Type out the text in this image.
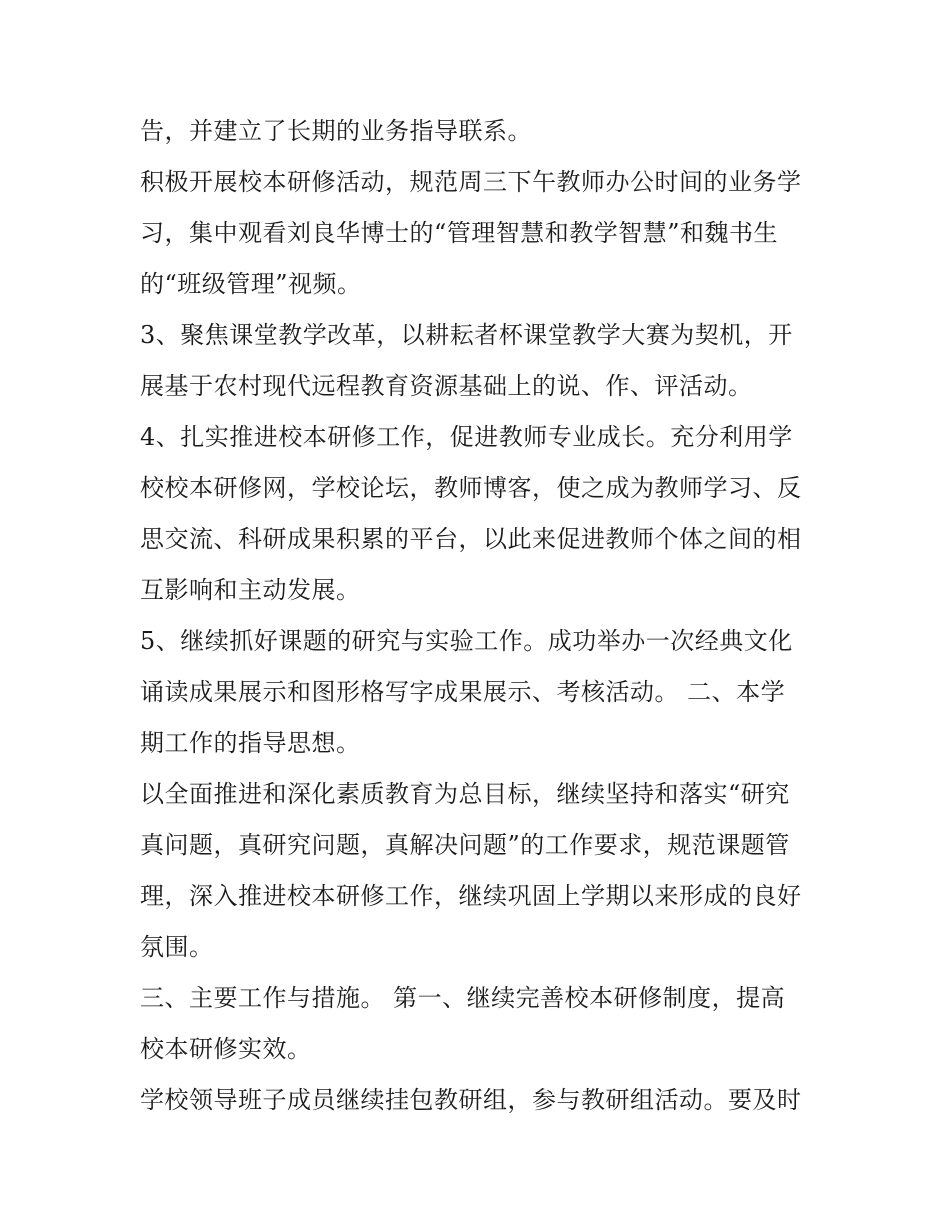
告，并建立了长期的业务指导联系。
积极开展校本研修活动，规范周三下午教师办公时间的业务学
习，集中观看刘良华博士的“管理智慧和教学智慧”和魏书生
的“班级管理”视频。
3、聚焦课堂教学改革，以耕耘者杯课堂教学大赛为契机，开
展基于农村现代远程教育资源基础上的说、作、评活动。
4、扎实推进校本研修工作，促进教师专业成长。充分利用学
校校本研修网，学校论坛，教师博客，使之成为教师学习、反
思交流、科研成果积累的平台，以此来促进教师个体之间的相
互影响和主动发展。
5、继续抓好课题的研究与实验工作。成功举办一次经典文化
诵读成果展示和图形格写字成果展示、考核活动。 二、本学
期工作的指导思想。
以全面推进和深化素质教育为总目标，继续坚持和落实“研究
真问题，真研究问题，真解决问题”的工作要求，规范课题管
理，深入推进校本研修工作，继续巩固上学期以来形成的良好
氛围。
三、主要工作与措施。 第一、继续完善校本研修制度，提高
校本研修实效。
学校领导班子成员继续挂包教研组，参与教研组活动。要及时
